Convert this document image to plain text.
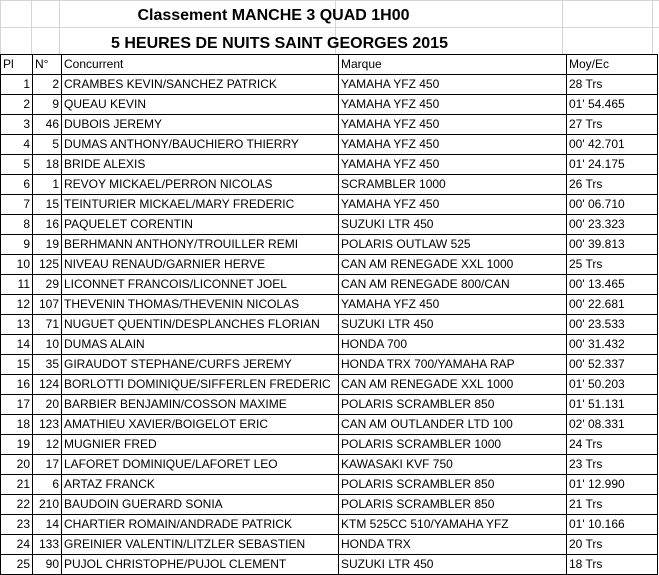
Classement MANCHE 3 QUAD 1H00
5 HEURES DE NUITS SAINT GEORGES 2015
Pl	N°	Concurrent	Marque	Moy/Ec
1	2	CRAMBES KEVIN/SANCHEZ PATRICK	YAMAHA YFZ 450	28 Trs
2	9	QUEAU KEVIN	YAMAHA YFZ 450	01' 54.465
3	46	DUBOIS JEREMY	YAMAHA YFZ 450	27 Trs
4	5	DUMAS ANTHONY/BAUCHIERO THIERRY	YAMAHA YFZ 450	00' 42.701
5	18	BRIDE ALEXIS	YAMAHA YFZ 450	01' 24.175
6	1	REVOY MICKAEL/PERRON NICOLAS	SCRAMBLER 1000	26 Trs
7	15	TEINTURIER MICKAEL/MARY FREDERIC	YAMAHA YFZ 450	00' 06.710
8	16	PAQUELET CORENTIN	SUZUKI LTR 450	00' 23.323
9	19	BERHMANN ANTHONY/TROUILLER REMI	POLARIS OUTLAW 525	00' 39.813
10	125	NIVEAU RENAUD/GARNIER HERVE	CAN AM RENEGADE XXL 1000	25 Trs
11	29	LICONNET FRANCOIS/LICONNET JOEL	CAN AM RENEGADE 800/CAN	00' 13.465
12	107	THEVENIN THOMAS/THEVENIN NICOLAS	YAMAHA YFZ 450	00' 22.681
13	71	NUGUET QUENTIN/DESPLANCHES FLORIAN	SUZUKI LTR 450	00' 23.533
14	10	DUMAS ALAIN	HONDA 700	00' 31.432
15	35	GIRAUDOT STEPHANE/CURFS JEREMY	HONDA TRX 700/YAMAHA RAP	00' 52.337
16	124	BORLOTTI DOMINIQUE/SIFFERLEN FREDERIC	CAN AM RENEGADE XXL 1000	01' 50.203
17	20	BARBIER BENJAMIN/COSSON MAXIME	POLARIS SCRAMBLER 850	01' 51.131
18	123	AMATHIEU XAVIER/BOIGELOT ERIC	CAN AM OUTLANDER LTD 100	02' 08.331
19	12	MUGNIER FRED	POLARIS SCRAMBLER 1000	24 Trs
20	17	LAFORET DOMINIQUE/LAFORET LEO	KAWASAKI KVF 750	23 Trs
21	6	ARTAZ FRANCK	POLARIS SCRAMBLER 850	01' 12.990
22	210	BAUDOIN GUERARD SONIA	POLARIS SCRAMBLER 850	21 Trs
23	14	CHARTIER ROMAIN/ANDRADE PATRICK	KTM 525CC 510/YAMAHA YFZ	01' 10.166
24	133	GREINIER VALENTIN/LITZLER SEBASTIEN	HONDA TRX	20 Trs
25	90	PUJOL CHRISTOPHE/PUJOL CLEMENT	SUZUKI LTR 450	18 Trs
